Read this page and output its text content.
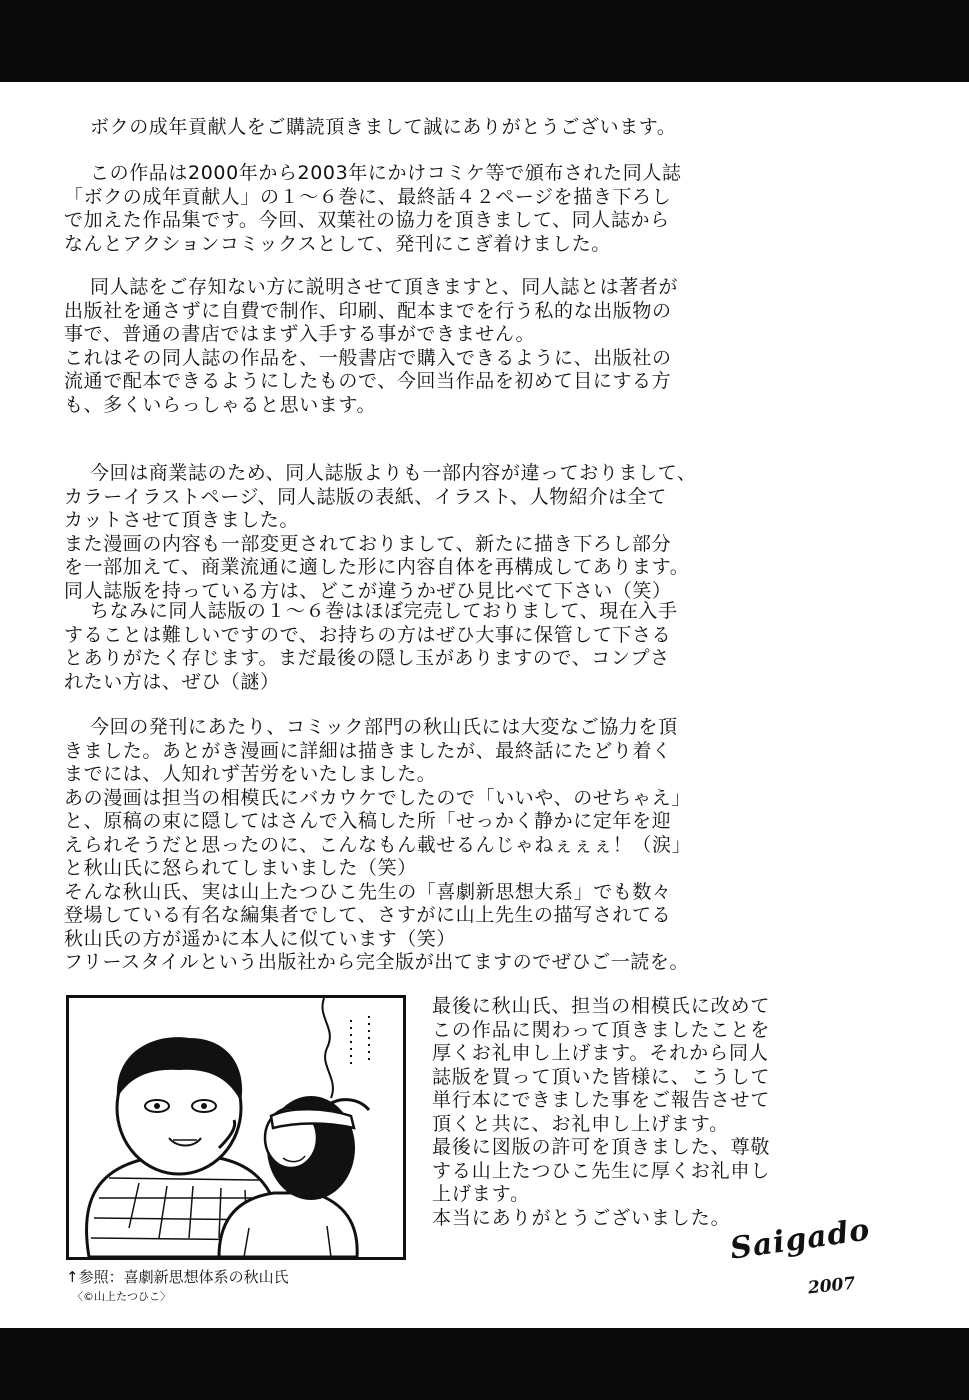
ボクの成年貢献人をご購読頂きまして誠にありがとうございます。
この作品は2000年から2003年にかけコミケ等で頒布された同人誌
「ボクの成年貢献人」の１～６巻に、最終話４２ページを描き下ろし
で加えた作品集です。今回、双葉社の協力を頂きまして、同人誌から
なんとアクションコミックスとして、発刊にこぎ着けました。
同人誌をご存知ない方に説明させて頂きますと、同人誌とは著者が
出版社を通さずに自費で制作、印刷、配本までを行う私的な出版物の
事で、普通の書店ではまず入手する事ができません。
これはその同人誌の作品を、一般書店で購入できるように、出版社の
流通で配本できるようにしたもので、今回当作品を初めて目にする方
も、多くいらっしゃると思います。
今回は商業誌のため、同人誌版よりも一部内容が違っておりまして、
カラーイラストページ、同人誌版の表紙、イラスト、人物紹介は全て
カットさせて頂きました。
また漫画の内容も一部変更されておりまして、新たに描き下ろし部分
を一部加えて、商業流通に適した形に内容自体を再構成してあります。
同人誌版を持っている方は、どこが違うかぜひ見比べて下さい（笑）
ちなみに同人誌版の１～６巻はほぼ完売しておりまして、現在入手
することは難しいですので、お持ちの方はぜひ大事に保管して下さる
とありがたく存じます。まだ最後の隠し玉がありますので、コンプさ
れたい方は、ぜひ（謎）
今回の発刊にあたり、コミック部門の秋山氏には大変なご協力を頂
きました。あとがき漫画に詳細は描きましたが、最終話にたどり着く
までには、人知れず苦労をいたしました。
あの漫画は担当の相模氏にバカウケでしたので「いいや、のせちゃえ」
と、原稿の束に隠してはさんで入稿した所「せっかく静かに定年を迎
えられそうだと思ったのに、こんなもん載せるんじゃねぇぇぇ！（涙」
と秋山氏に怒られてしまいました（笑）
そんな秋山氏、実は山上たつひこ先生の「喜劇新思想大系」でも数々
登場している有名な編集者でして、さすがに山上先生の描写されてる
秋山氏の方が遥かに本人に似ています（笑）
フリースタイルという出版社から完全版が出てますのでぜひご一読を。
↑参照：喜劇新思想体系の秋山氏
〈©山上たつひこ〉
最後に秋山氏、担当の相模氏に改めて
この作品に関わって頂きましたことを
厚くお礼申し上げます。それから同人
誌版を買って頂いた皆様に、こうして
単行本にできました事をご報告させて
頂くと共に、お礼申し上げます。
最後に図版の許可を頂きました、尊敬
する山上たつひこ先生に厚くお礼申し
上げます。
本当にありがとうございました。
Saigado
2007
